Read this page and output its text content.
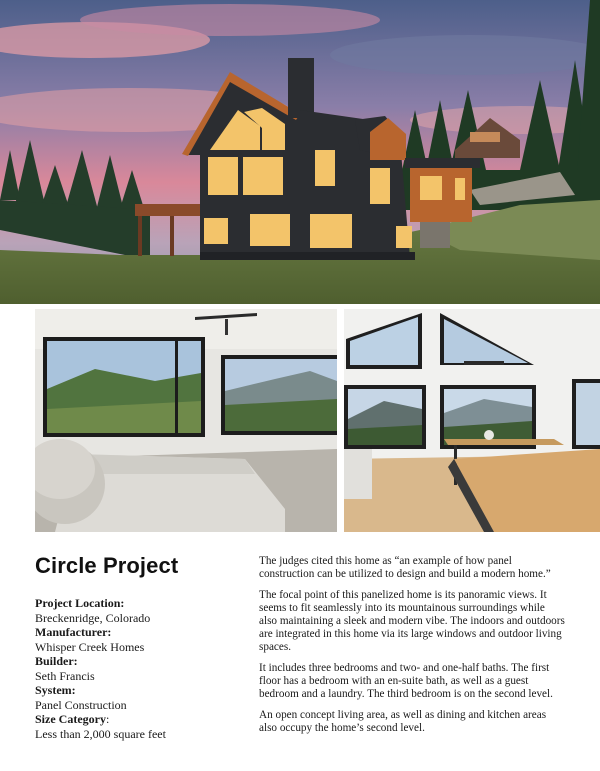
Circle Project
Project Location:
Breckenridge, Colorado
Manufacturer:
Whisper Creek Homes
Builder:
Seth Francis
System:
Panel Construction
Size Category:
Less than 2,000 square feet

The judges cited this home as “an example of how panel construction can be utilized to design and build a modern home.”

The focal point of this panelized home is its panoramic views. It seems to fit seamlessly into its mountainous surroundings while also maintaining a sleek and modern vibe. The indoors and outdoors are integrated in this home via its large windows and outdoor living spaces.

It includes three bedrooms and two- and one-half baths. The first floor has a bedroom with an en-suite bath, as well as a guest bedroom and a laundry. The third bedroom is on the second level.

An open concept living area, as well as dining and kitchen areas also occupy the home’s second level.
